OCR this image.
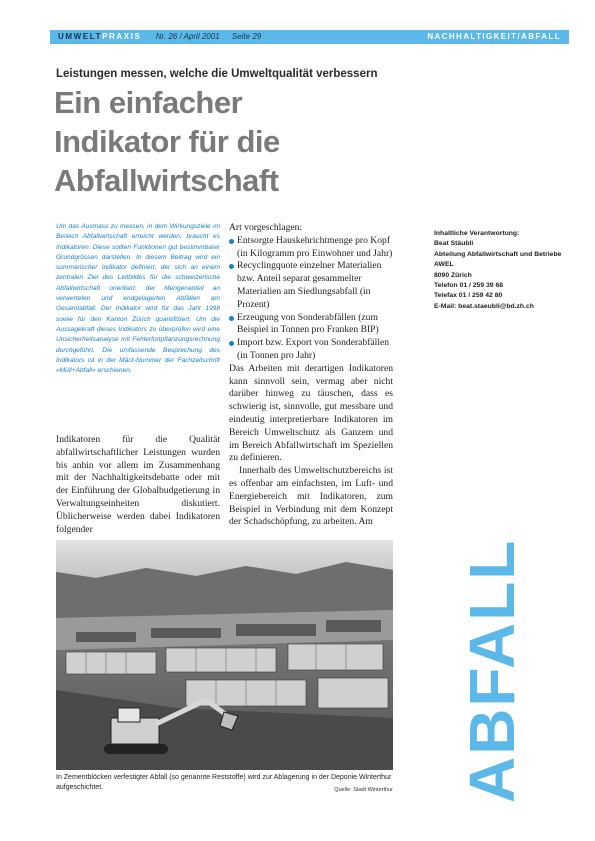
UMWELTPRAXIS Nr. 26 / April 2001 Seite 29	NACHHALTIGKEIT/ABFALL
Leistungen messen, welche die Umweltqualität verbessern
Ein einfacher
Indikator für die
Abfallwirtschaft

Um das Ausmass zu messen, in dem Wirkungsziele im Bereich Abfallwirtschaft erreicht werden, braucht es Indikatoren. Diese sollten Funktionen gut bestimmbarer Grundgrössen darstellen. In diesem Beitrag wird ein summarischer Indikator definiert, der sich an einem zentralen Ziel des Leitbildes für die schweizerische Abfallwirtschaft orientiert: der Mengenanteil an verwerteten und endgelagerten Abfällen am Gesamtabfall. Der Indikator wird für das Jahr 1998 sowie für den Kanton Zürich quantifiziert. Um die Aussagekraft dieses Indikators zu überprüfen wird eine Unsicherheitsanalyse mit Fehlerfortpflanzungsrechnung durchgeführt. Die umfassende Besprechung des Indikators ist in der März-Nummer der Fachzeitschrift «Müll+Abfall» erschienen.

Indikatoren für die Qualität abfallwirtschaftlicher Leistungen wurden bis anhin vor allem im Zusammenhang mit der Nachhaltigkeitsdebatte oder mit der Einführung der Globalbudgetierung in Verwaltungseinheiten diskutiert. Üblicherweise werden dabei Indikatoren folgender

Art vorgeschlagen:

Entsorgte Hauskehrichtmenge pro Kopf (in Kilogramm pro Einwohner und Jahr)
Recyclingquote einzelner Materialien bzw. Anteil separat gesammelter Materialien am Siedlungsabfall (in Prozent)
Erzeugung von Sonderabfällen (zum Beispiel in Tonnen pro Franken BIP)
Import bzw. Export von Sonderabfällen (in Tonnen pro Jahr)

Das Arbeiten mit derartigen Indikatoren kann sinnvoll sein, vermag aber nicht darüber hinweg zu täuschen, dass es schwierig ist, sinnvolle, gut messbare und eindeutig interpretierbare Indikatoren im Bereich Umweltschutz als Ganzem und im Bereich Abfallwirtschaft im Speziellen zu definieren.

Innerhalb des Umweltschutzbereichs ist es offenbar am einfachsten, im Luft- und Energiebereich mit Indikatoren, zum Beispiel in Verbindung mit dem Konzept der Schadschöpfung, zu arbeiten. Am

Inhaltliche Verantwortung:
Beat Stäubli
Abteilung Abfallwirtschaft und Betriebe
AWEL
8090 Zürich
Telefon 01 / 259 39 68
Telefax 01 / 259 42 80
E-Mail: beat.staeubli@bd.zh.ch

In Zementblöcken verfestigter Abfall (so genannte Reststoffe) wird zur Ablagerung in der Deponie Winterthur aufgeschichtet.	Quelle: Stadt Winterthur ABFALL
